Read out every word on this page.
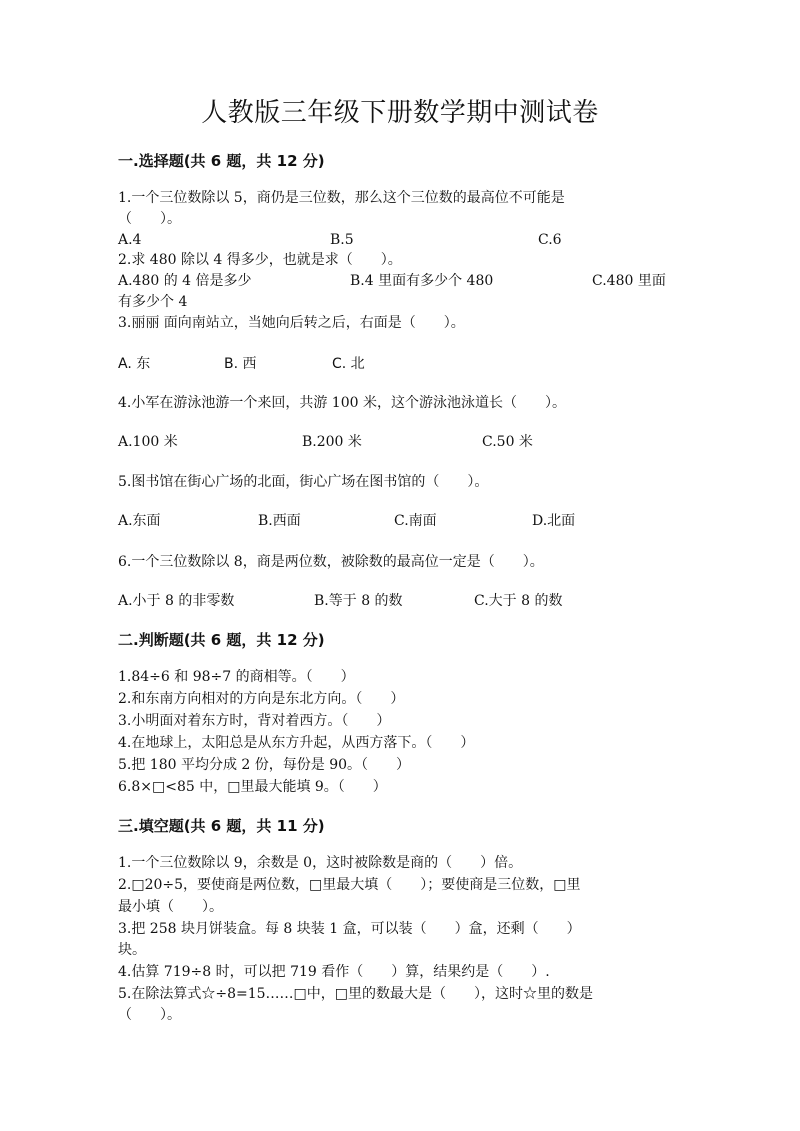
人教版三年级下册数学期中测试卷
一.选择题(共 6 题，共 12 分)
1.一个三位数除以 5，商仍是三位数，那么这个三位数的最高位不可能是
（　　）。
A.4	B.5	C.6
2.求 480 除以 4 得多少，也就是求（　　）。
A.480 的 4 倍是多少	B.4 里面有多少个 480	C.480 里面
有多少个 4
3.丽丽 面向南站立，当她向后转之后，右面是（　　）。
A. 东	B. 西	C. 北
4.小军在游泳池游一个来回，共游 100 米，这个游泳池泳道长（　　）。
A.100 米	B.200 米	C.50 米
5.图书馆在街心广场的北面，街心广场在图书馆的（　　）。
A.东面	B.西面	C.南面	D.北面
6.一个三位数除以 8，商是两位数，被除数的最高位一定是（　　）。
A.小于 8 的非零数	B.等于 8 的数	C.大于 8 的数
二.判断题(共 6 题，共 12 分)
1.84÷6 和 98÷7 的商相等。（　　）
2.和东南方向相对的方向是东北方向。（　　）
3.小明面对着东方时，背对着西方。（　　）
4.在地球上，太阳总是从东方升起，从西方落下。（　　）
5.把 180 平均分成 2 份，每份是 90。（　　）
6.8×□<85 中，□里最大能填 9。（　　）
三.填空题(共 6 题，共 11 分)
1.一个三位数除以 9，余数是 0，这时被除数是商的（　　）倍。
2.□20÷5，要使商是两位数，□里最大填（　　）；要使商是三位数，□里
最小填（　　）。
3.把 258 块月饼装盒。每 8 块装 1 盒，可以装（　　）盒，还剩（　　）
块。
4.估算 719÷8 时，可以把 719 看作（　　）算，结果约是（　　）.
5.在除法算式☆÷8=15……□中，□里的数最大是（　　），这时☆里的数是
（　　）。
